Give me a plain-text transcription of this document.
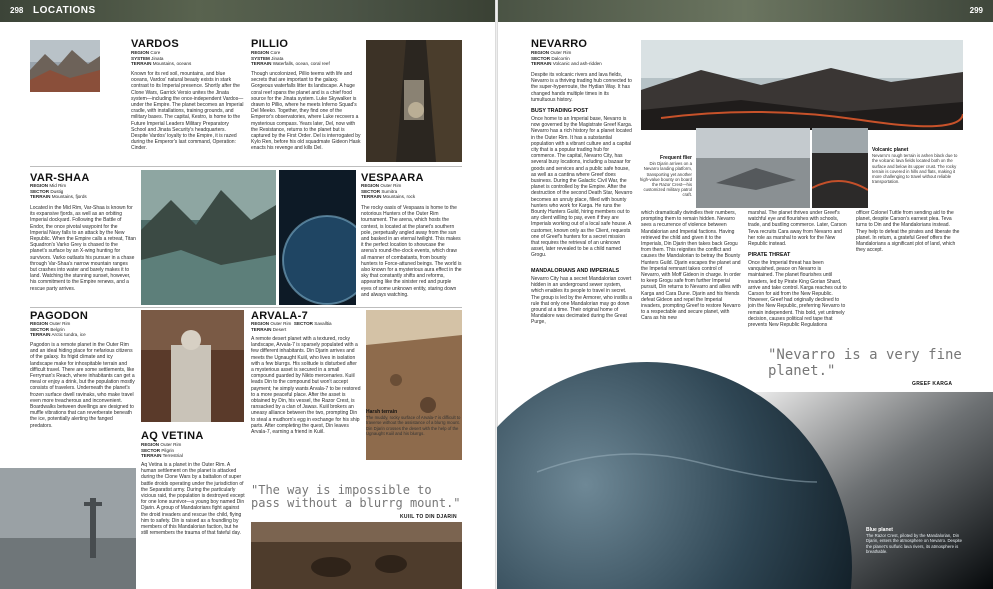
298 LOCATIONS	299
VARDOS
REGION Core
SYSTEM Jinata
TERRAIN Mountains, oceans
Known for its red soil, mountains, and blue oceans, Vardos' natural beauty exists in stark contrast to its Imperial presence. Shortly after the Clone Wars, Garrick Versio unites the Jinata system—including the once-independent Vardos—under the Empire. The planet becomes an Imperial cradle, with installations, training grounds, and military bases. The capital, Kestro, is home to the Future Imperial Leaders Military Preparatory School and Jinata Security's headquarters. Despite Vardos' loyalty to the Empire, it is razed during the Emperor's last command, Operation: Cinder.
PILLIO
REGION Core
SYSTEM Jinata
TERRAIN Waterfalls, ocean, coral reef
Though uncolonized, Pillio teems with life and secrets that are important to the galaxy. Gorgeous waterfalls litter its landscape. A huge coral reef spans the planet and is a chief food source for the Jinata system. Luke Skywalker is drawn to Pillio, where he meets Inferno Squad's Del Meeko. Together, they find one of the Emperor's observatories, where Luke recovers a mysterious compass. Years later, Del, now with the Resistance, returns to the planet but is captured by the First Order. Del is interrogated by Kylo Ren, before his old squadmate Gideon Hask enacts his revenge and kills Del.
VAR-SHAA
REGION Mid Rim
SECTOR Dustig
TERRAIN Mountains, fjords
Located in the Mid Rim, Var-Shaa is known for its expansive fjords, as well as an orbiting Imperial dockyard. Following the Battle of Endor, the once pivotal waypoint for the Imperial Navy falls to an attack by the New Republic. When the Empire calls a retreat, Titan Squadron's Varko Grey is chased to the planet's surface by an X-wing hunting for survivors. Varko outlasts his pursuer in a chase through Var-Shaa's narrow mountain ranges but crashes into water and barely makes it to land. Watching the stunning sunset, however, his commitment to the Empire renews, and a rescue party arrives.
VESPAARA
REGION Outer Rim
SECTOR Sumitra
TERRAIN Mountains, rock
The rocky oasis of Vespaara is home to the notorious Hunters of the Outer Rim tournament. The arena, which hosts the contest, is located at the planet's southern pole, perpetually angled away from the sun and basked in an eternal twilight. This makes it the perfect location to showcase the arena's round-the-clock events, which draw all manner of combatants, from bounty hunters to Force-attuned beings. The world is also known for a mysterious aura effect in the sky that constantly shifts and reforms, appearing like the sinister red and purple eyes of some unknown entity, staring down and always watching.
PAGODON
REGION Outer Rim
SECTOR Belgrin
TERRAIN Arctic tundra, ice
Pagodon is a remote planet in the Outer Rim and an ideal hiding place for nefarious citizens of the galaxy. Its frigid climate and icy landscape make for inhospitable terrain and difficult travel. There are some settlements, like Ferryman's Reach, where inhabitants can get a meal or enjoy a drink, but the population mostly consists of travelers. Underneath the planet's frozen surface dwell ravinaks, who make travel even more treacherous and inconvenient. Boardwalks between dwellings are designed to muffle vibrations that can reverberate beneath the ice, potentially alerting the fanged predators.
ARVALA-7
REGION Outer Rim SECTOR Savalltia
TERRAIN Desert
A remote desert planet with a textured, rocky landscape, Arvala-7 is sparsely populated with a few different inhabitants. Din Djarin arrives and meets the Ugnaught Kuiil, who lives in isolation with a few blurrgs. His solitude is disturbed after a mysterious asset is secured in a small compound guarded by Nikto mercenaries. Kuiil leads Din to the compound but won't accept payment; he simply wants Arvala-7 to be restored to a more peaceful place. After the asset is obtained by Din, his vessel, the Razor Crest, is ransacked by a clan of Jawas. Kuiil brokers an uneasy alliance between the two, prompting Din to steal a mudhorn's egg in exchange for his ship parts. After completing the quest, Din leaves Arvala-7, earning a friend in Kuiil.
Harsh terrain
The muddy, rocky surface of Arvala-7 is difficult to traverse without the assistance of a blurrg mount. Din Djarin crosses the desert with the help of the Ugnaught Kuiil and his blurrgs.
AQ VETINA
REGION Outer Rim
SECTOR Pilgrin
TERRAIN Terrestrial
Aq Vetina is a planet in the Outer Rim. A human settlement on the planet is attacked during the Clone Wars by a battalion of super battle droids operating under the jurisdiction of the Separatist army. During the particularly vicious raid, the population is destroyed except for one lone survivor—a young boy named Din Djarin. A group of Mandalorians fight against the droid invaders and rescue the child, flying him to safety. Din is raised as a foundling by members of this Mandalorian faction, but he still remembers the trauma of that fateful day.
"The way is impossible to pass without a blurrg mount."
KUIIL TO DIN DJARIN
NEVARRO
REGION Outer Rim
SECTOR Dalcorrin
TERRAIN Volcanic and ash-ridden
Despite its volcanic rivers and lava fields, Nevarro is a thriving trading hub connected to the super-hyperroute, the Hydian Way. It has changed hands multiple times in its tumultuous history.
BUSY TRADING POST
Once home to an Imperial base, Nevarro is now governed by the Magistrate Greef Karga. Nevarro has a rich history for a planet located in the Outer Rim. It has a substantial population with a vibrant culture and a capital city that is a popular trading hub for commerce. The capital, Nevarro City, has several busy locations, including a bazaar for goods and services and a public safe house, as well as a cantina where Greef does business. During the Galactic Civil War, the planet is controlled by the Empire. After the destruction of the second Death Star, Nevarro becomes an unruly place, filled with bounty hunters who work for Karga. He runs the Bounty Hunters Guild, hiring members out to any client willing to pay, even if they are Imperials working out of a local safe house. A customer, known only as the Client, requests one of Greef's hunters for a secret mission that requires the retrieval of an unknown asset, later revealed to be a child named Grogu.
MANDALORIANS AND IMPERIALS
Nevarro City has a secret Mandalorian covert hidden in an underground sewer system, which enables its people to travel in secret. The group is led by the Armorer, who instills a rule that only one Mandalorian may go down ground at a time. Their original home of Mandalore was decimated during the Great Purge,
Frequent flier
Din Djarin arrives on a Nevarro landing platform, transporting yet another high-value bounty on board the Razor Crest—his customized military patrol craft.
Volcanic planet
Nevarro's rough terrain is ashen black due to the volcanic lava fields located both on the surface and below its upper crust. The rocky terrain is covered in hills and flats, making it more challenging to travel without reliable transportation.
which dramatically dwindles their numbers, prompting them to remain hidden. Nevarro sees a recurrence of violence between Mandalorian and Imperial factions. Having retrieved the child and given it to the Imperials, Din Djarin then takes back Grogu from them. This reignites the conflict and causes the Mandalorian to betray the Bounty Hunters Guild. Djarin escapes the planet and the Imperial remnant takes control of Nevarro, with Moff Gideon in charge. In order to keep Grogu safe from further Imperial pursuit, Din returns to Nevarro and allies with Karga and Cara Dune. Djarin and his friends defeat Gideon and repel the Imperial invaders, prompting Greef to restore Nevarro to a respectable and secure planet, with Cara as his new
marshal. The planet thrives under Greef's watchful eye and flourishes with schools, trade, and bustling commerce. Later, Carson Teva recruits Cara away from Nevarro and her role as marshal to work for the New Republic instead.
PIRATE THREAT
Once the Imperial threat has been vanquished, peace on Nevarro is maintained. The planet flourishes until invaders, led by Pirate King Gorian Shard, arrive and take control. Karga reaches out to Carson for aid from the New Republic. However, Greef had originally declined to join the New Republic, preferring Nevarro to remain independent. This bold, yet untimely decision, causes political red tape that prevents New Republic Regulations
officer Colonel Tuttle from sending aid to the planet, despite Carson's earnest plea. Teva turns to Din and the Mandalorians instead. They help to defeat the pirates and liberate the planet. In return, a grateful Greef offers the Mandalorians a significant plot of land, which they accept.
"Nevarro is a very fine planet."
GREEF KARGA
Blue planet
The Razor Crest, piloted by the Mandalorian, Din Djarin, enters the atmosphere on Nevarro. Despite the planet's sulfuric lava rivers, its atmosphere is breathable.
